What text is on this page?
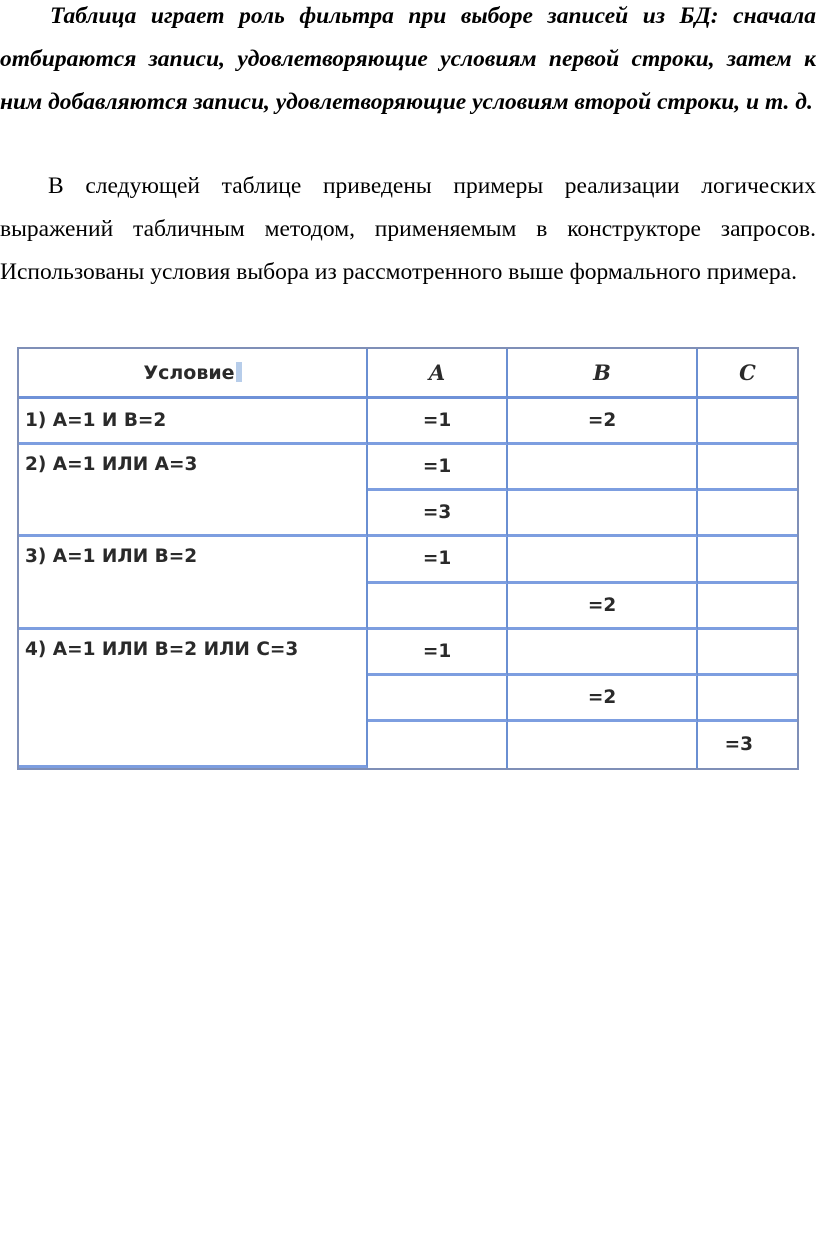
Таблица играет роль фильтра при выборе записей из БД: сначала отбираются записи, удовлетворяющие условиям первой строки, затем к ним добавляются записи, удовлетворяющие условиям второй строки, и т. д.

В следующей таблице приведены примеры реализации логических выражений табличным методом, применяемым в конструкторе запросов. Использованы условия выбора из рассмотренного выше формального примера.

Условие	A	B	C
1) A=1 И B=2	=1	=2	
2) A=1 ИЛИ A=3	=1		
	=3		
3) A=1 ИЛИ B=2	=1		
		=2	
4) A=1 ИЛИ B=2 ИЛИ C=3	=1		
		=2	
			=3
